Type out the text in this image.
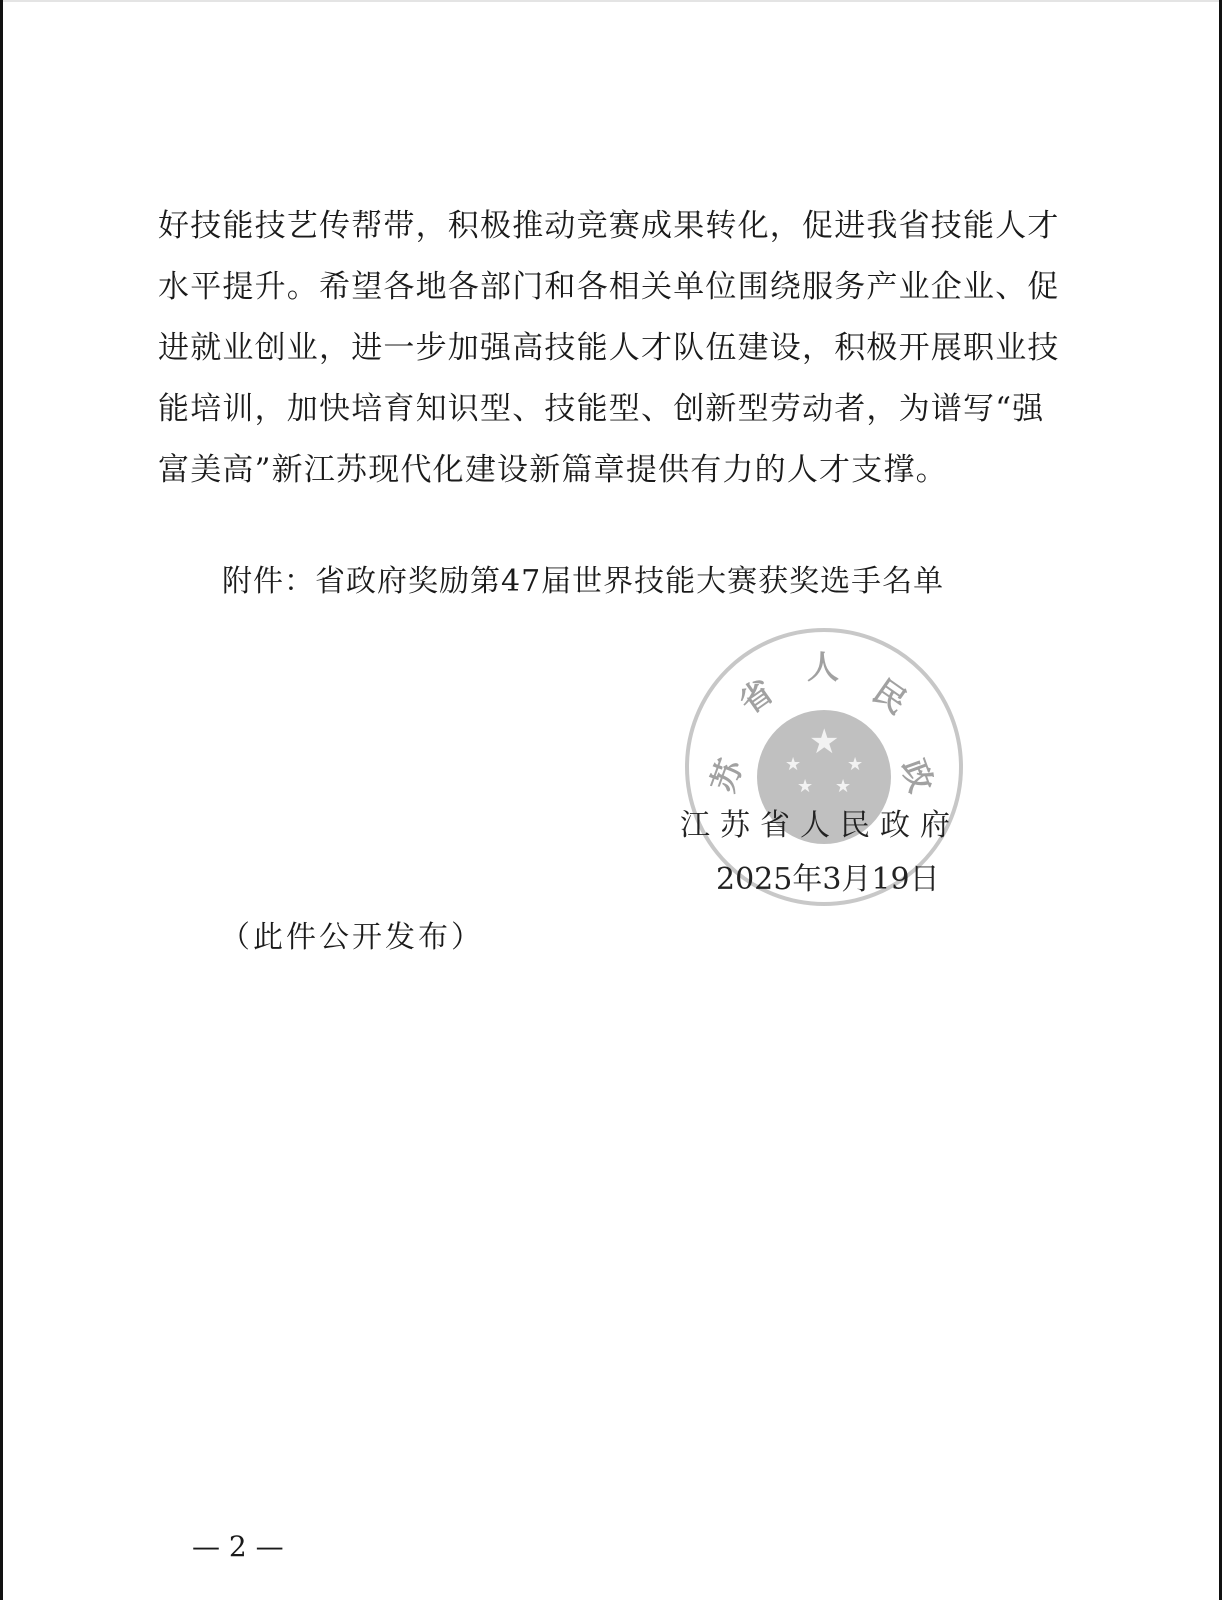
好技能技艺传帮带，积极推动竞赛成果转化，促进我省技能人才
水平提升。希望各地各部门和各相关单位围绕服务产业企业、促
进就业创业，进一步加强高技能人才队伍建设，积极开展职业技
能培训，加快培育知识型、技能型、创新型劳动者，为谱写“强
富美高”新江苏现代化建设新篇章提供有力的人才支撑。
附件：省政府奖励第47届世界技能大赛获奖选手名单
苏
省
人
民
政
★
★	★
★ ★
江苏省人民政府
2025年3月19日
（此件公开发布）
— 2 —
